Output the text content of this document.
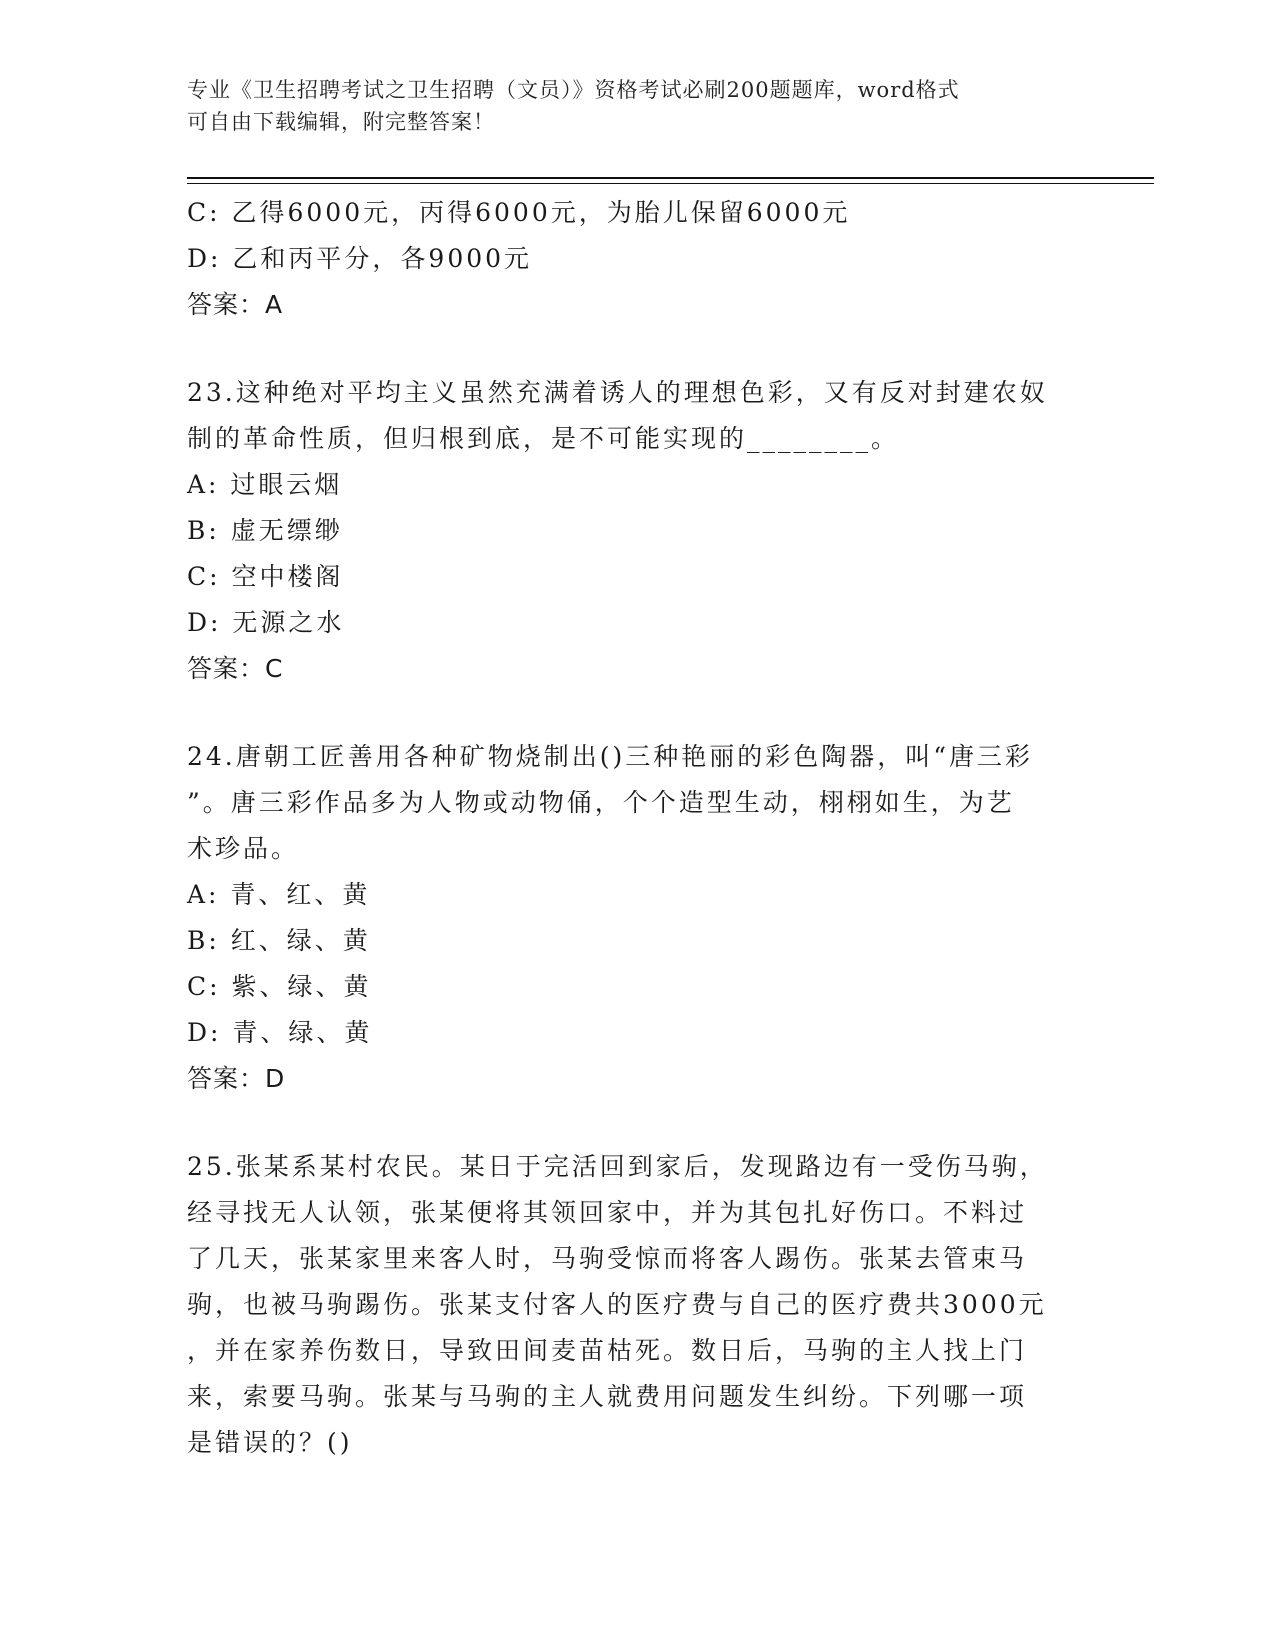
专业《卫生招聘考试之卫生招聘（文员）》资格考试必刷200题题库，word格式
可自由下载编辑，附完整答案！
C: 乙得6000元，丙得6000元，为胎儿保留6000元
D: 乙和丙平分，各9000元
答案：A
23.这种绝对平均主义虽然充满着诱人的理想色彩，又有反对封建农奴
制的革命性质，但归根到底，是不可能实现的________。
A: 过眼云烟
B: 虚无缥缈
C: 空中楼阁
D: 无源之水
答案：C
24.唐朝工匠善用各种矿物烧制出()三种艳丽的彩色陶器，叫“唐三彩
”。唐三彩作品多为人物或动物俑，个个造型生动，栩栩如生，为艺
术珍品。
A: 青、红、黄
B: 红、绿、黄
C: 紫、绿、黄
D: 青、绿、黄
答案：D
25.张某系某村农民。某日于完活回到家后，发现路边有一受伤马驹，
经寻找无人认领，张某便将其领回家中，并为其包扎好伤口。不料过
了几天，张某家里来客人时，马驹受惊而将客人踢伤。张某去管束马
驹，也被马驹踢伤。张某支付客人的医疗费与自己的医疗费共3000元
，并在家养伤数日，导致田间麦苗枯死。数日后，马驹的主人找上门
来，索要马驹。张某与马驹的主人就费用问题发生纠纷。下列哪一项
是错误的？()
